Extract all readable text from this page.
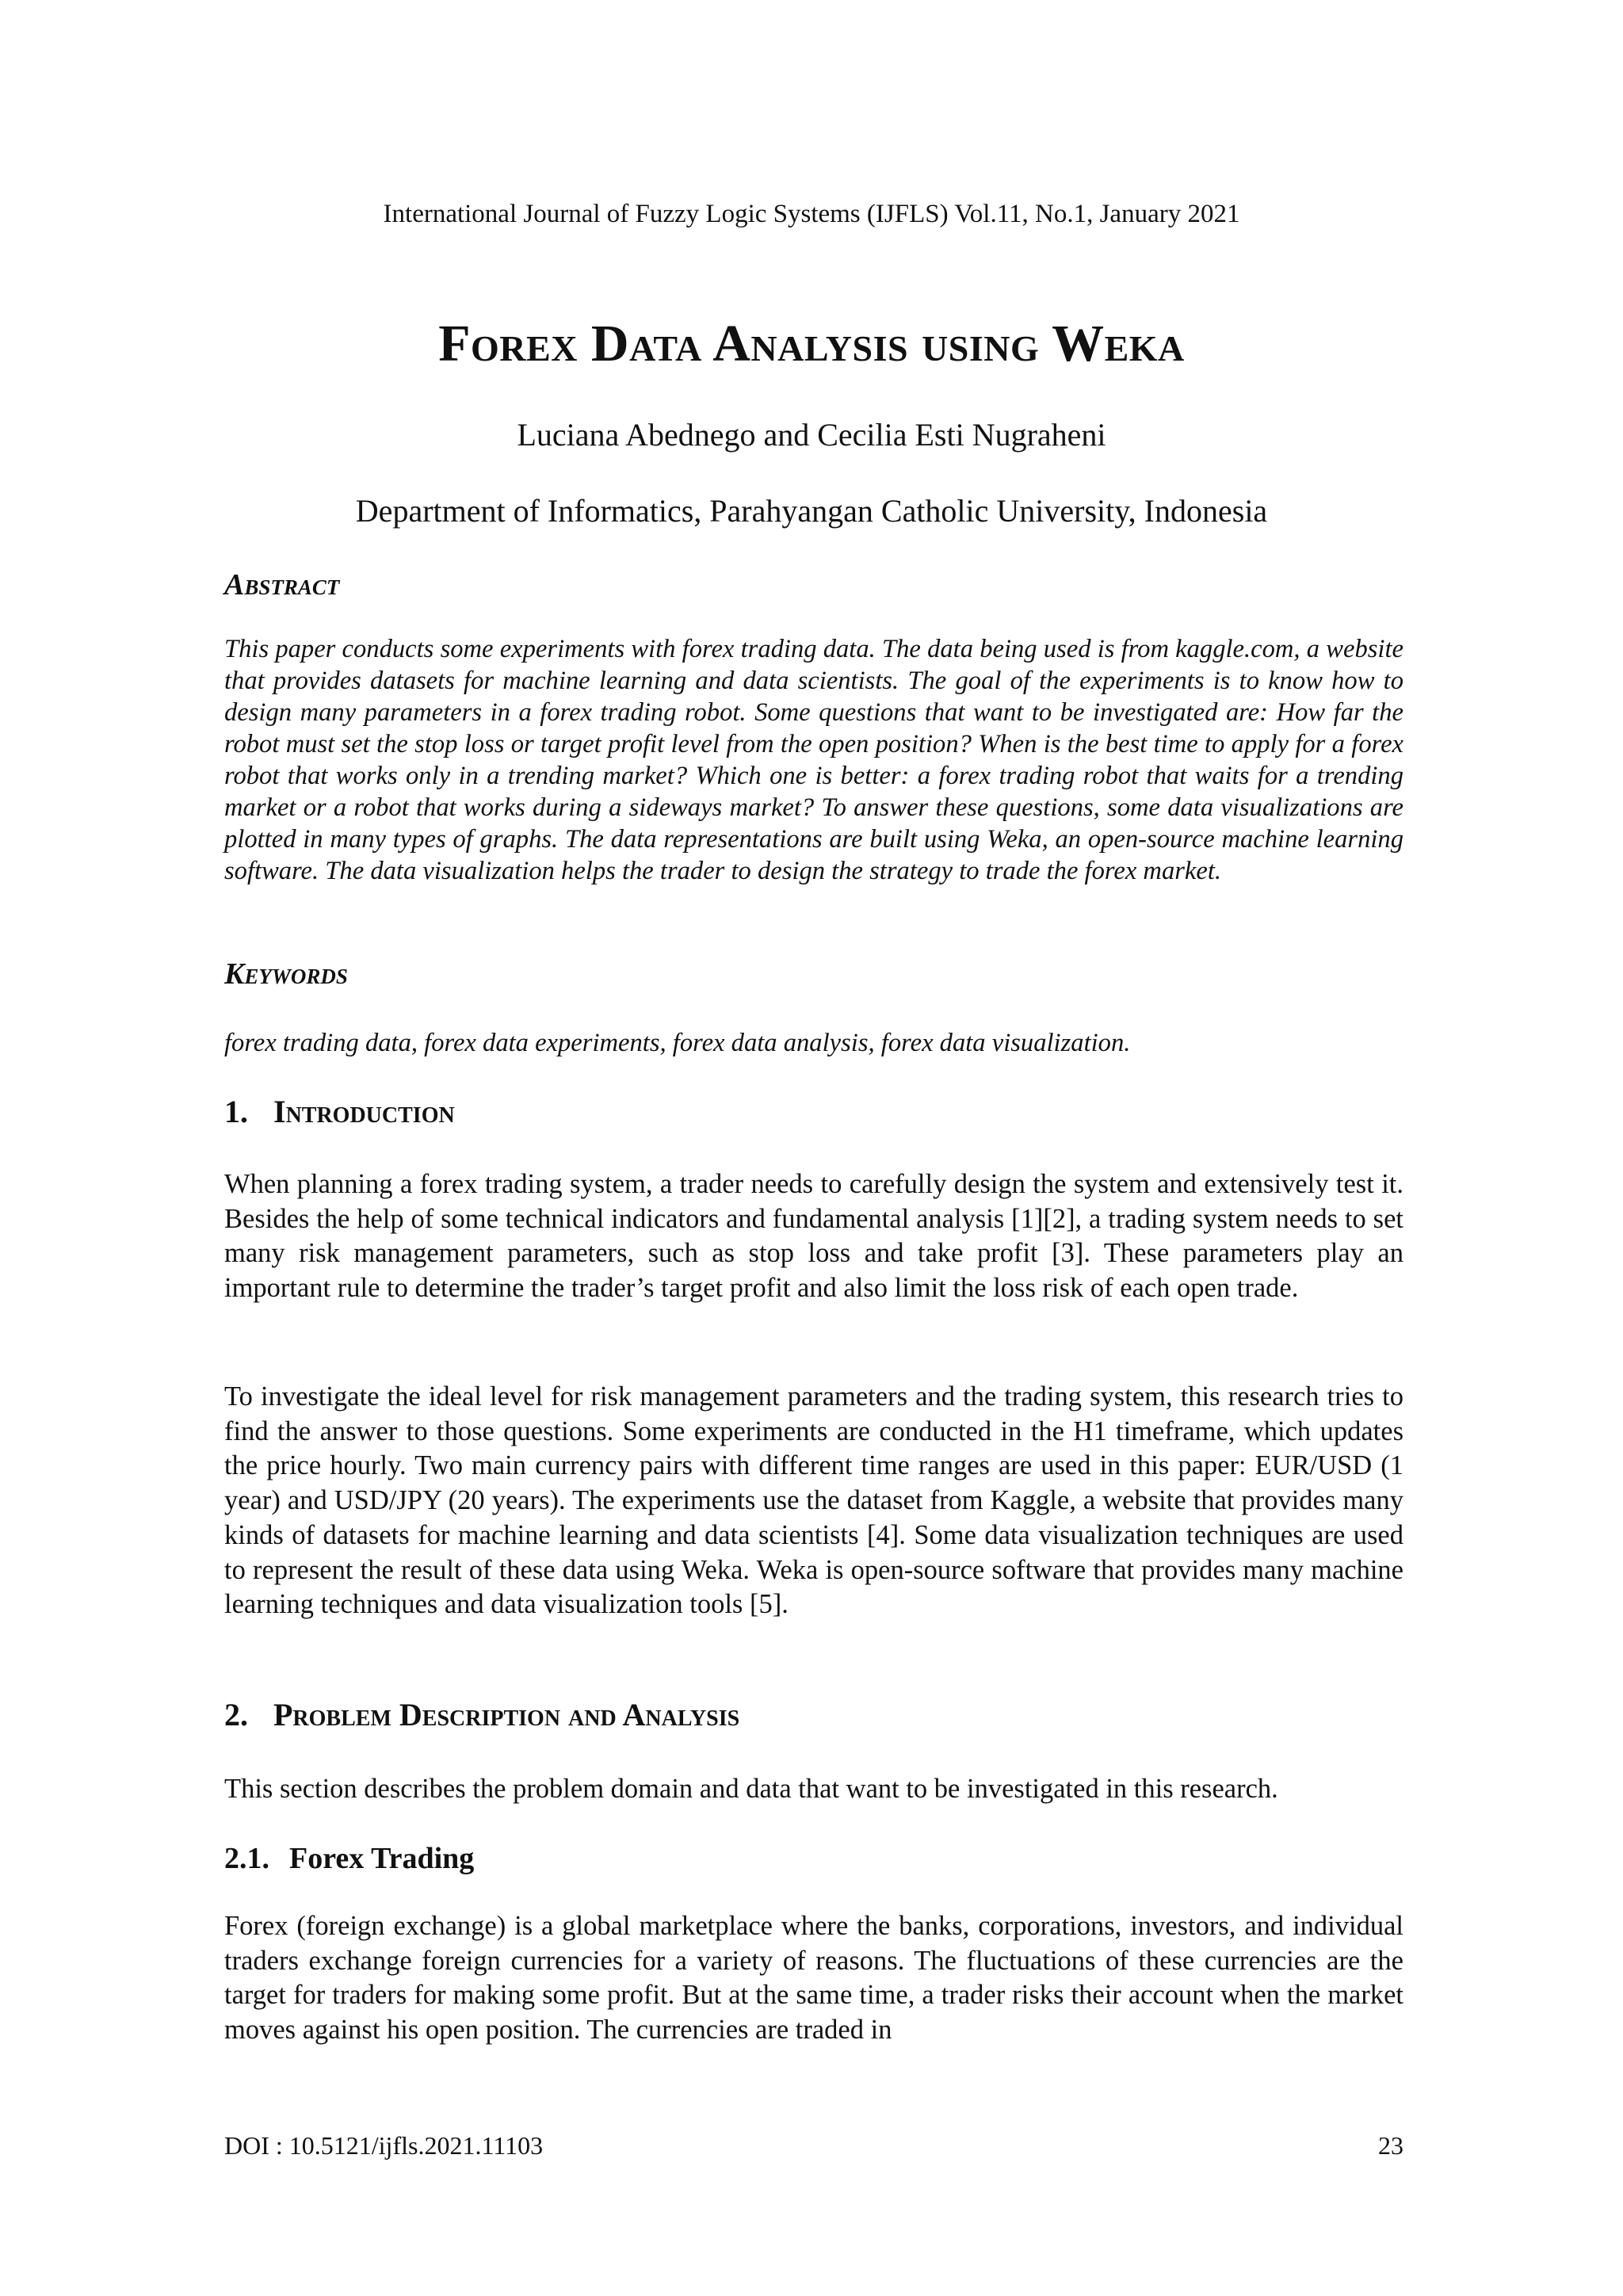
International Journal of Fuzzy Logic Systems (IJFLS) Vol.11, No.1, January 2021
Forex Data Analysis using Weka
Luciana Abednego and Cecilia Esti Nugraheni
Department of Informatics, Parahyangan Catholic University, Indonesia
Abstract

This paper conducts some experiments with forex trading data. The data being used is from kaggle.com, a website that provides datasets for machine learning and data scientists. The goal of the experiments is to know how to design many parameters in a forex trading robot. Some questions that want to be investigated are: How far the robot must set the stop loss or target profit level from the open position? When is the best time to apply for a forex robot that works only in a trending market? Which one is better: a forex trading robot that waits for a trending market or a robot that works during a sideways market? To answer these questions, some data visualizations are plotted in many types of graphs. The data representations are built using Weka, an open-source machine learning software. The data visualization helps the trader to design the strategy to trade the forex market.

Keywords

forex trading data, forex data experiments, forex data analysis, forex data visualization.

1. Introduction

When planning a forex trading system, a trader needs to carefully design the system and extensively test it. Besides the help of some technical indicators and fundamental analysis [1][2], a trading system needs to set many risk management parameters, such as stop loss and take profit [3]. These parameters play an important rule to determine the trader’s target profit and also limit the loss risk of each open trade.

To investigate the ideal level for risk management parameters and the trading system, this research tries to find the answer to those questions. Some experiments are conducted in the H1 timeframe, which updates the price hourly. Two main currency pairs with different time ranges are used in this paper: EUR/USD (1 year) and USD/JPY (20 years). The experiments use the dataset from Kaggle, a website that provides many kinds of datasets for machine learning and data scientists [4]. Some data visualization techniques are used to represent the result of these data using Weka. Weka is open-source software that provides many machine learning techniques and data visualization tools [5].

2. Problem Description and Analysis

This section describes the problem domain and data that want to be investigated in this research.

2.1. Forex Trading

Forex (foreign exchange) is a global marketplace where the banks, corporations, investors, and individual traders exchange foreign currencies for a variety of reasons. The fluctuations of these currencies are the target for traders for making some profit. But at the same time, a trader risks their account when the market moves against his open position. The currencies are traded in

DOI : 10.5121/ijfls.2021.11103	23
